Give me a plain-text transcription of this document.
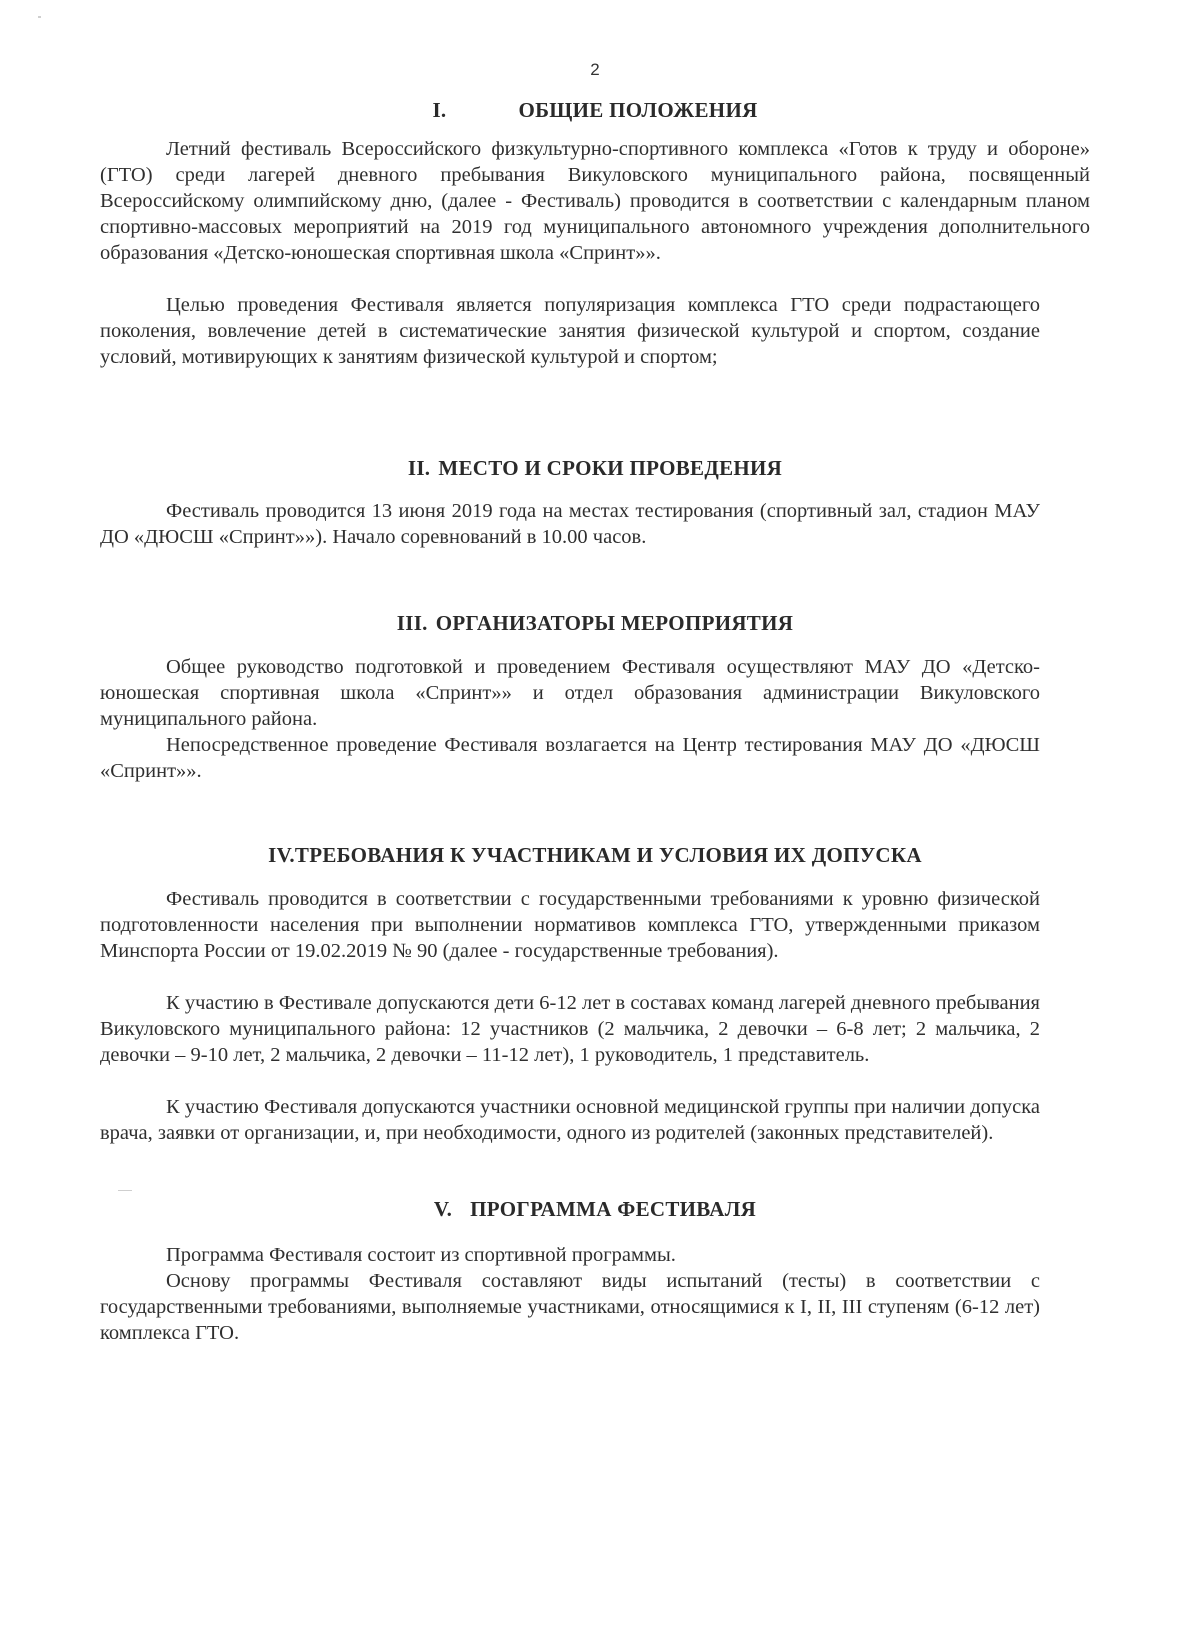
2
I.	ОБЩИЕ ПОЛОЖЕНИЯ

Летний фестиваль Всероссийского физкультурно-спортивного комплекса «Готов к труду и обороне» (ГТО) среди лагерей дневного пребывания Викуловского муниципального района, посвященный Всероссийскому олимпийскому дню, (далее - Фестиваль) проводится в соответствии с календарным планом спортивно-массовых мероприятий на 2019 год муниципального автономного учреждения дополнительного образования «Детско-юношеская спортивная школа «Спринт»».

Целью проведения Фестиваля является популяризация комплекса ГТО среди подрастающего поколения, вовлечение детей в систематические занятия физической культурой и спортом, создание условий, мотивирующих к занятиям физической культурой и спортом;

II. МЕСТО И СРОКИ ПРОВЕДЕНИЯ

Фестиваль проводится 13 июня 2019 года на местах тестирования (спортивный зал, стадион МАУ ДО «ДЮСШ «Спринт»»). Начало соревнований в 10.00 часов.

III. ОРГАНИЗАТОРЫ МЕРОПРИЯТИЯ

Общее руководство подготовкой и проведением Фестиваля осуществляют МАУ ДО «Детско-юношеская спортивная школа «Спринт»» и отдел образования администрации Викуловского муниципального района.

Непосредственное проведение Фестиваля возлагается на Центр тестирования МАУ ДО «ДЮСШ «Спринт»».

IV.ТРЕБОВАНИЯ К УЧАСТНИКАМ И УСЛОВИЯ ИХ ДОПУСКА

Фестиваль проводится в соответствии с государственными требованиями к уровню физической подготовленности населения при выполнении нормативов комплекса ГТО, утвержденными приказом Минспорта России от 19.02.2019 № 90 (далее - государственные требования).

К участию в Фестивале допускаются дети 6-12 лет в составах команд лагерей дневного пребывания Викуловского муниципального района: 12 участников (2 мальчика, 2 девочки – 6-8 лет; 2 мальчика, 2 девочки – 9-10 лет, 2 мальчика, 2 девочки – 11-12 лет), 1 руководитель, 1 представитель.

К участию Фестиваля допускаются участники основной медицинской группы при наличии допуска врача, заявки от организации, и, при необходимости, одного из родителей (законных представителей).

V. ПРОГРАММА ФЕСТИВАЛЯ

Программа Фестиваля состоит из спортивной программы.

Основу программы Фестиваля составляют виды испытаний (тесты) в соответствии с государственными требованиями, выполняемые участниками, относящимися к I, II, III ступеням (6-12 лет) комплекса ГТО.
